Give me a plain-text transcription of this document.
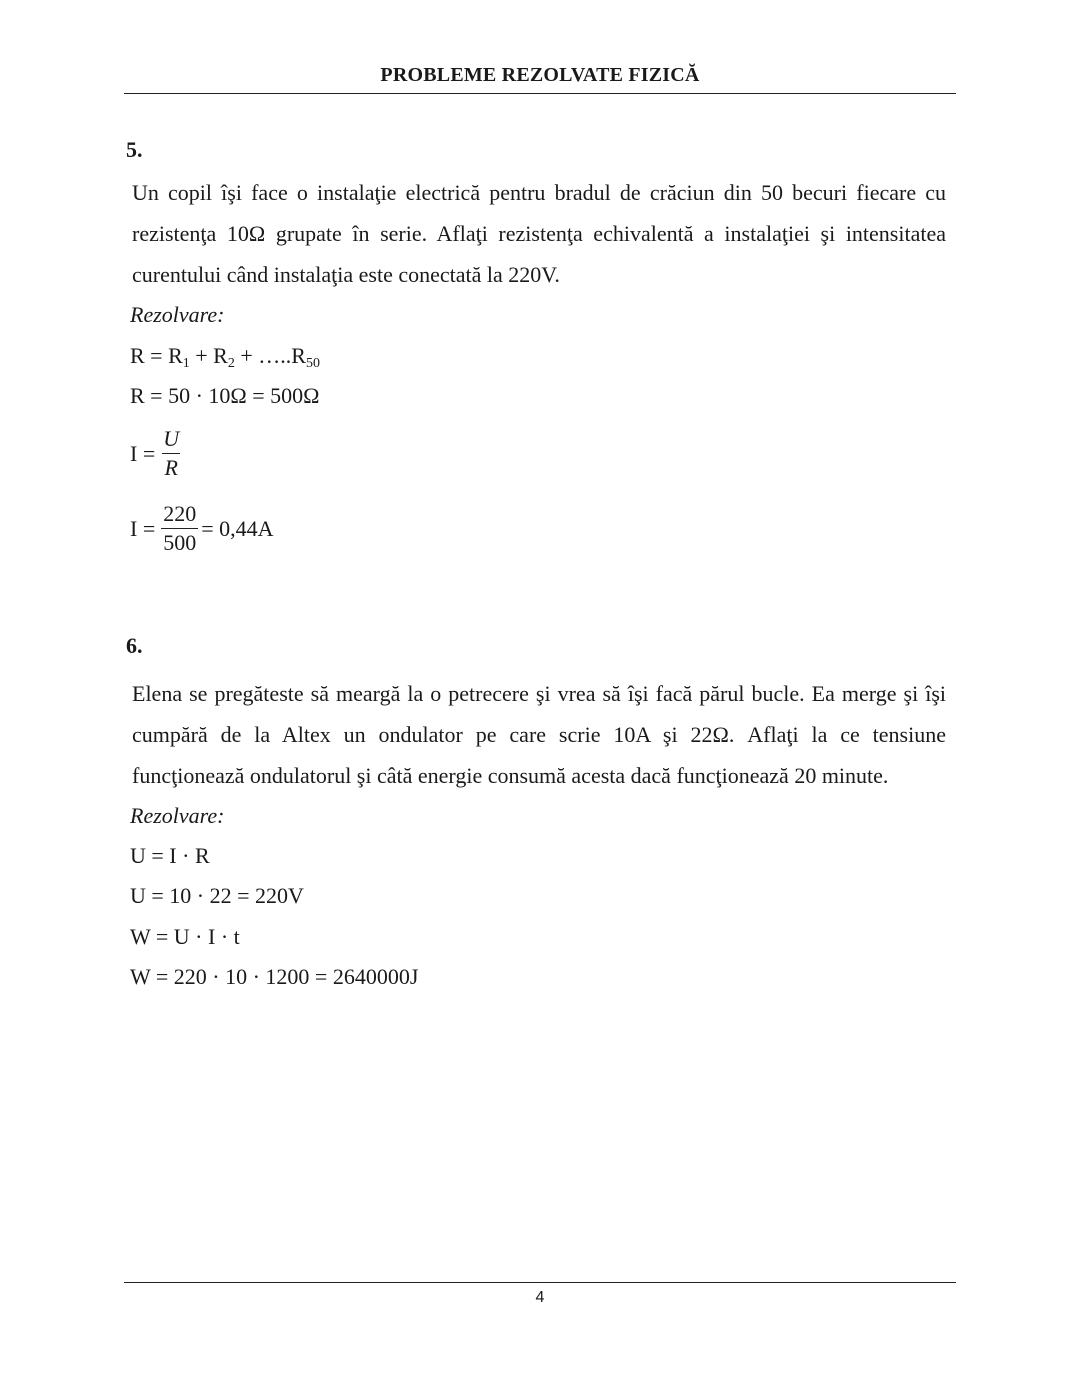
PROBLEME REZOLVATE FIZICĂ
5.
Un copil îşi face o instalaţie electrică pentru bradul de crăciun din 50 becuri fiecare cu rezistenţa 10Ω grupate în serie. Aflaţi rezistenţa echivalentă a instalaţiei şi intensitatea curentului când instalaţia este conectată la 220V.
Rezolvare:
$R = R_1 + R_2$ + $\dots..R_{50}$
R = 50 · 10Ω = 500Ω
$I = \frac{U}{R}$
$I = \frac{220}{500} = 0,44A$
6.
Elena se pregăteste să meargă la o petrecere şi vrea să îşi facă părul bucle. Ea merge şi îşi cumpără de la Altex un ondulator pe care scrie 10A şi 22Ω. Aflaţi la ce tensiune funcţionează ondulatorul şi câtă energie consumă acesta dacă funcţionează 20 minute.
Rezolvare:
U = I · R
U = 10 · 22 = 220V
W = U · I · t
W = 220 · 10 · 1200 = 2640000J
4
